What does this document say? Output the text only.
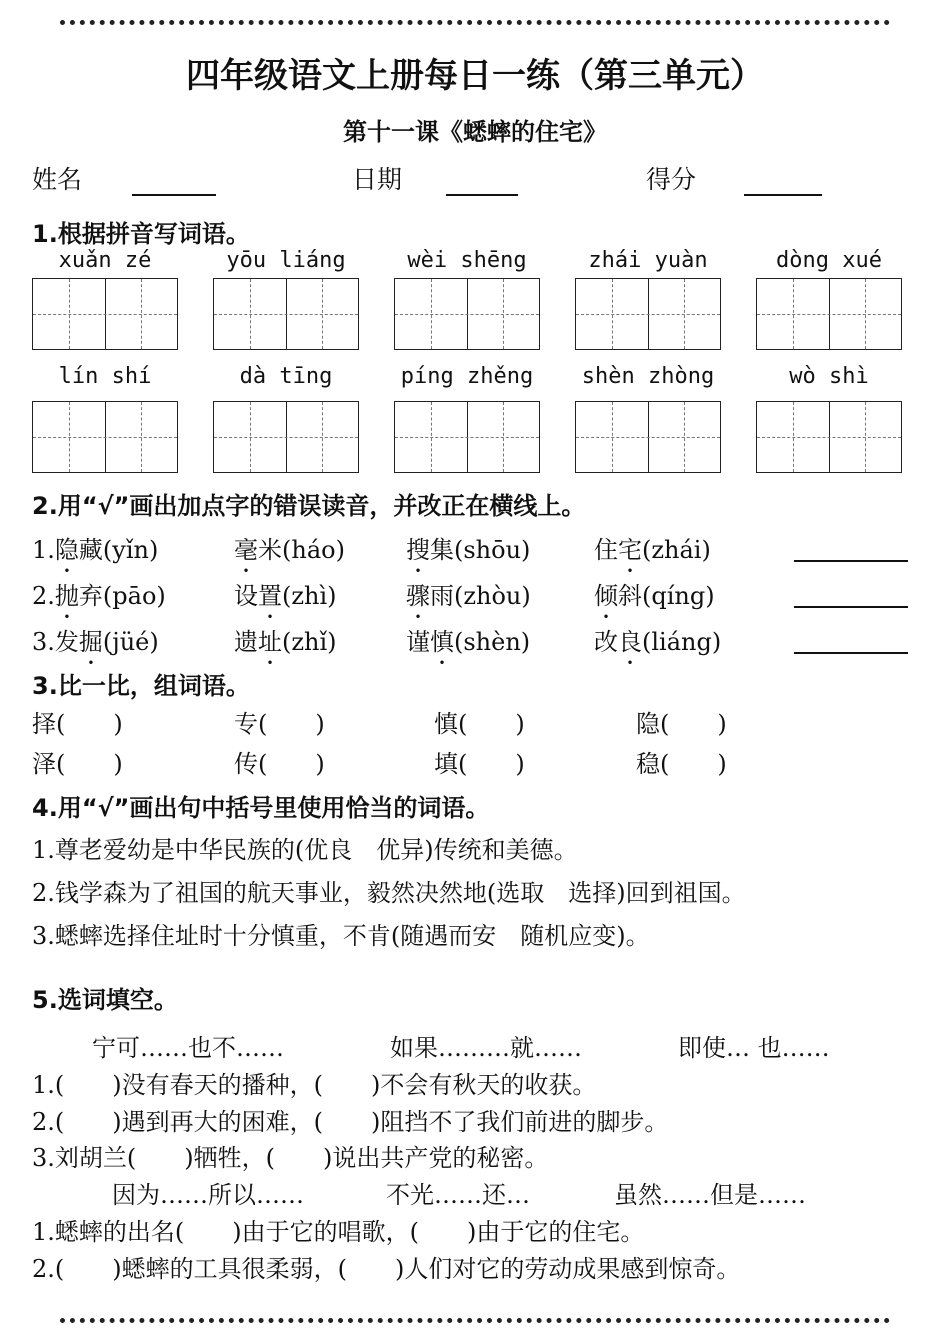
四年级语文上册每日一练（第三单元）
第十一课《蟋蟀的住宅》
姓名	日期	得分
1.根据拼音写词语。
xuǎn zé	yōu liáng	wèi shēng	zhái yuàn	dòng xué
lín shí	dà tīng	píng zhěng	shèn zhòng	wò shì
2.用“√”画出加点字的错误读音，并改正在横线上。
1.隐藏(yǐn)	毫米(háo)	搜集(shōu)	住宅(zhái)
2.抛弃(pāo)	设置(zhì)	骤雨(zhòu)	倾斜(qíng)
3.发掘(jüé)	遗址(zhǐ)	谨慎(shèn)	改良(liáng)
3.比一比，组词语。
择(　　)	专(　　)	慎(　　)	隐(　　)
泽(　　)	传(　　)	填(　　)	稳(　　)
4.用“√”画出句中括号里使用恰当的词语。
1.尊老爱幼是中华民族的(优良　优异)传统和美德。
2.钱学森为了祖国的航天事业，毅然决然地(选取　选择)回到祖国。
3.蟋蟀选择住址时十分慎重，不肯(随遇而安　随机应变)。
5.选词填空。
宁可……也不……	如果………就……	即使… 也……
1.(　　)没有春天的播种，(　　)不会有秋天的收获。
2.(　　)遇到再大的困难，(　　)阻挡不了我们前进的脚步。
3.刘胡兰(　　)牺牲，(　　)说出共产党的秘密。
因为……所以……	不光……还…	虽然……但是……
1.蟋蟀的出名(　　)由于它的唱歌，(　　)由于它的住宅。
2.(　　)蟋蟀的工具很柔弱，(　　)人们对它的劳动成果感到惊奇。
